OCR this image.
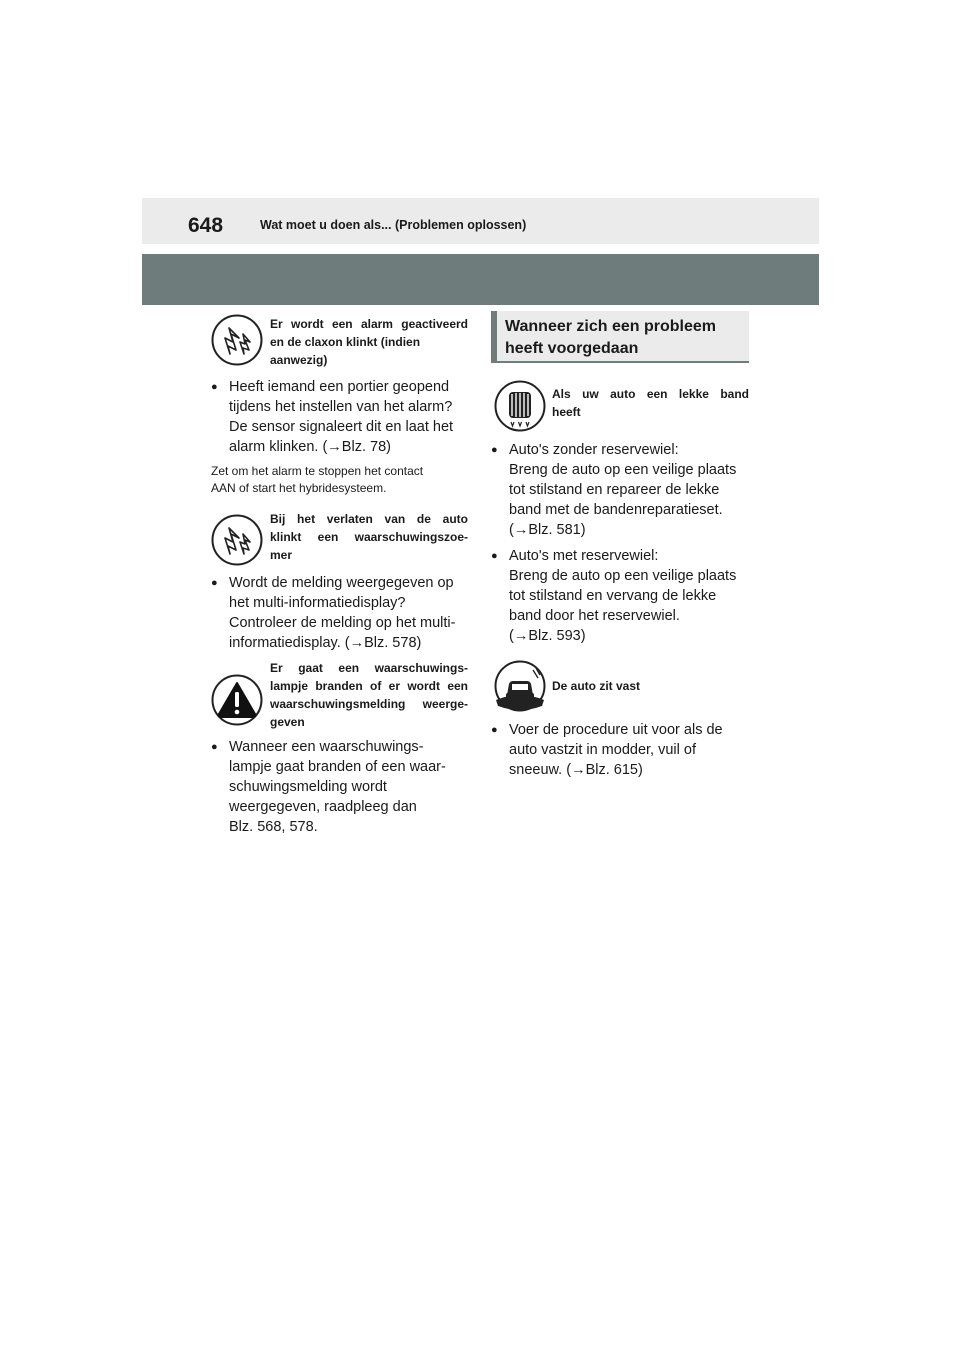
648	Wat moet u doen als... (Problemen oplossen)
Er wordt een alarm geactiveerd
en de claxon klinkt (indien
aanwezig)
● Heeft iemand een portier geopend
tijdens het instellen van het alarm?
De sensor signaleert dit en laat het
alarm klinken. (→Blz. 78)
Zet om het alarm te stoppen het contact
AAN of start het hybridesysteem.
Bij het verlaten van de auto
klinkt een waarschuwingszoe-
mer
● Wordt de melding weergegeven op
het multi-informatiedisplay?
Controleer de melding op het multi-
informatiedisplay. (→Blz. 578)
Er gaat een waarschuwings-
lampje branden of er wordt een
waarschuwingsmelding weerge-
geven
● Wanneer een waarschuwings-
lampje gaat branden of een waar-
schuwingsmelding wordt
weergegeven, raadpleeg dan
Blz. 568, 578.
Wanneer zich een probleem
heeft voorgedaan
Als uw auto een lekke band
heeft
● Auto's zonder reservewiel:
Breng de auto op een veilige plaats
tot stilstand en repareer de lekke
band met de bandenreparatieset.
(→Blz. 581)
● Auto's met reservewiel:
Breng de auto op een veilige plaats
tot stilstand en vervang de lekke
band door het reservewiel.
(→Blz. 593)
De auto zit vast
● Voer de procedure uit voor als de
auto vastzit in modder, vuil of
sneeuw. (→Blz. 615)
